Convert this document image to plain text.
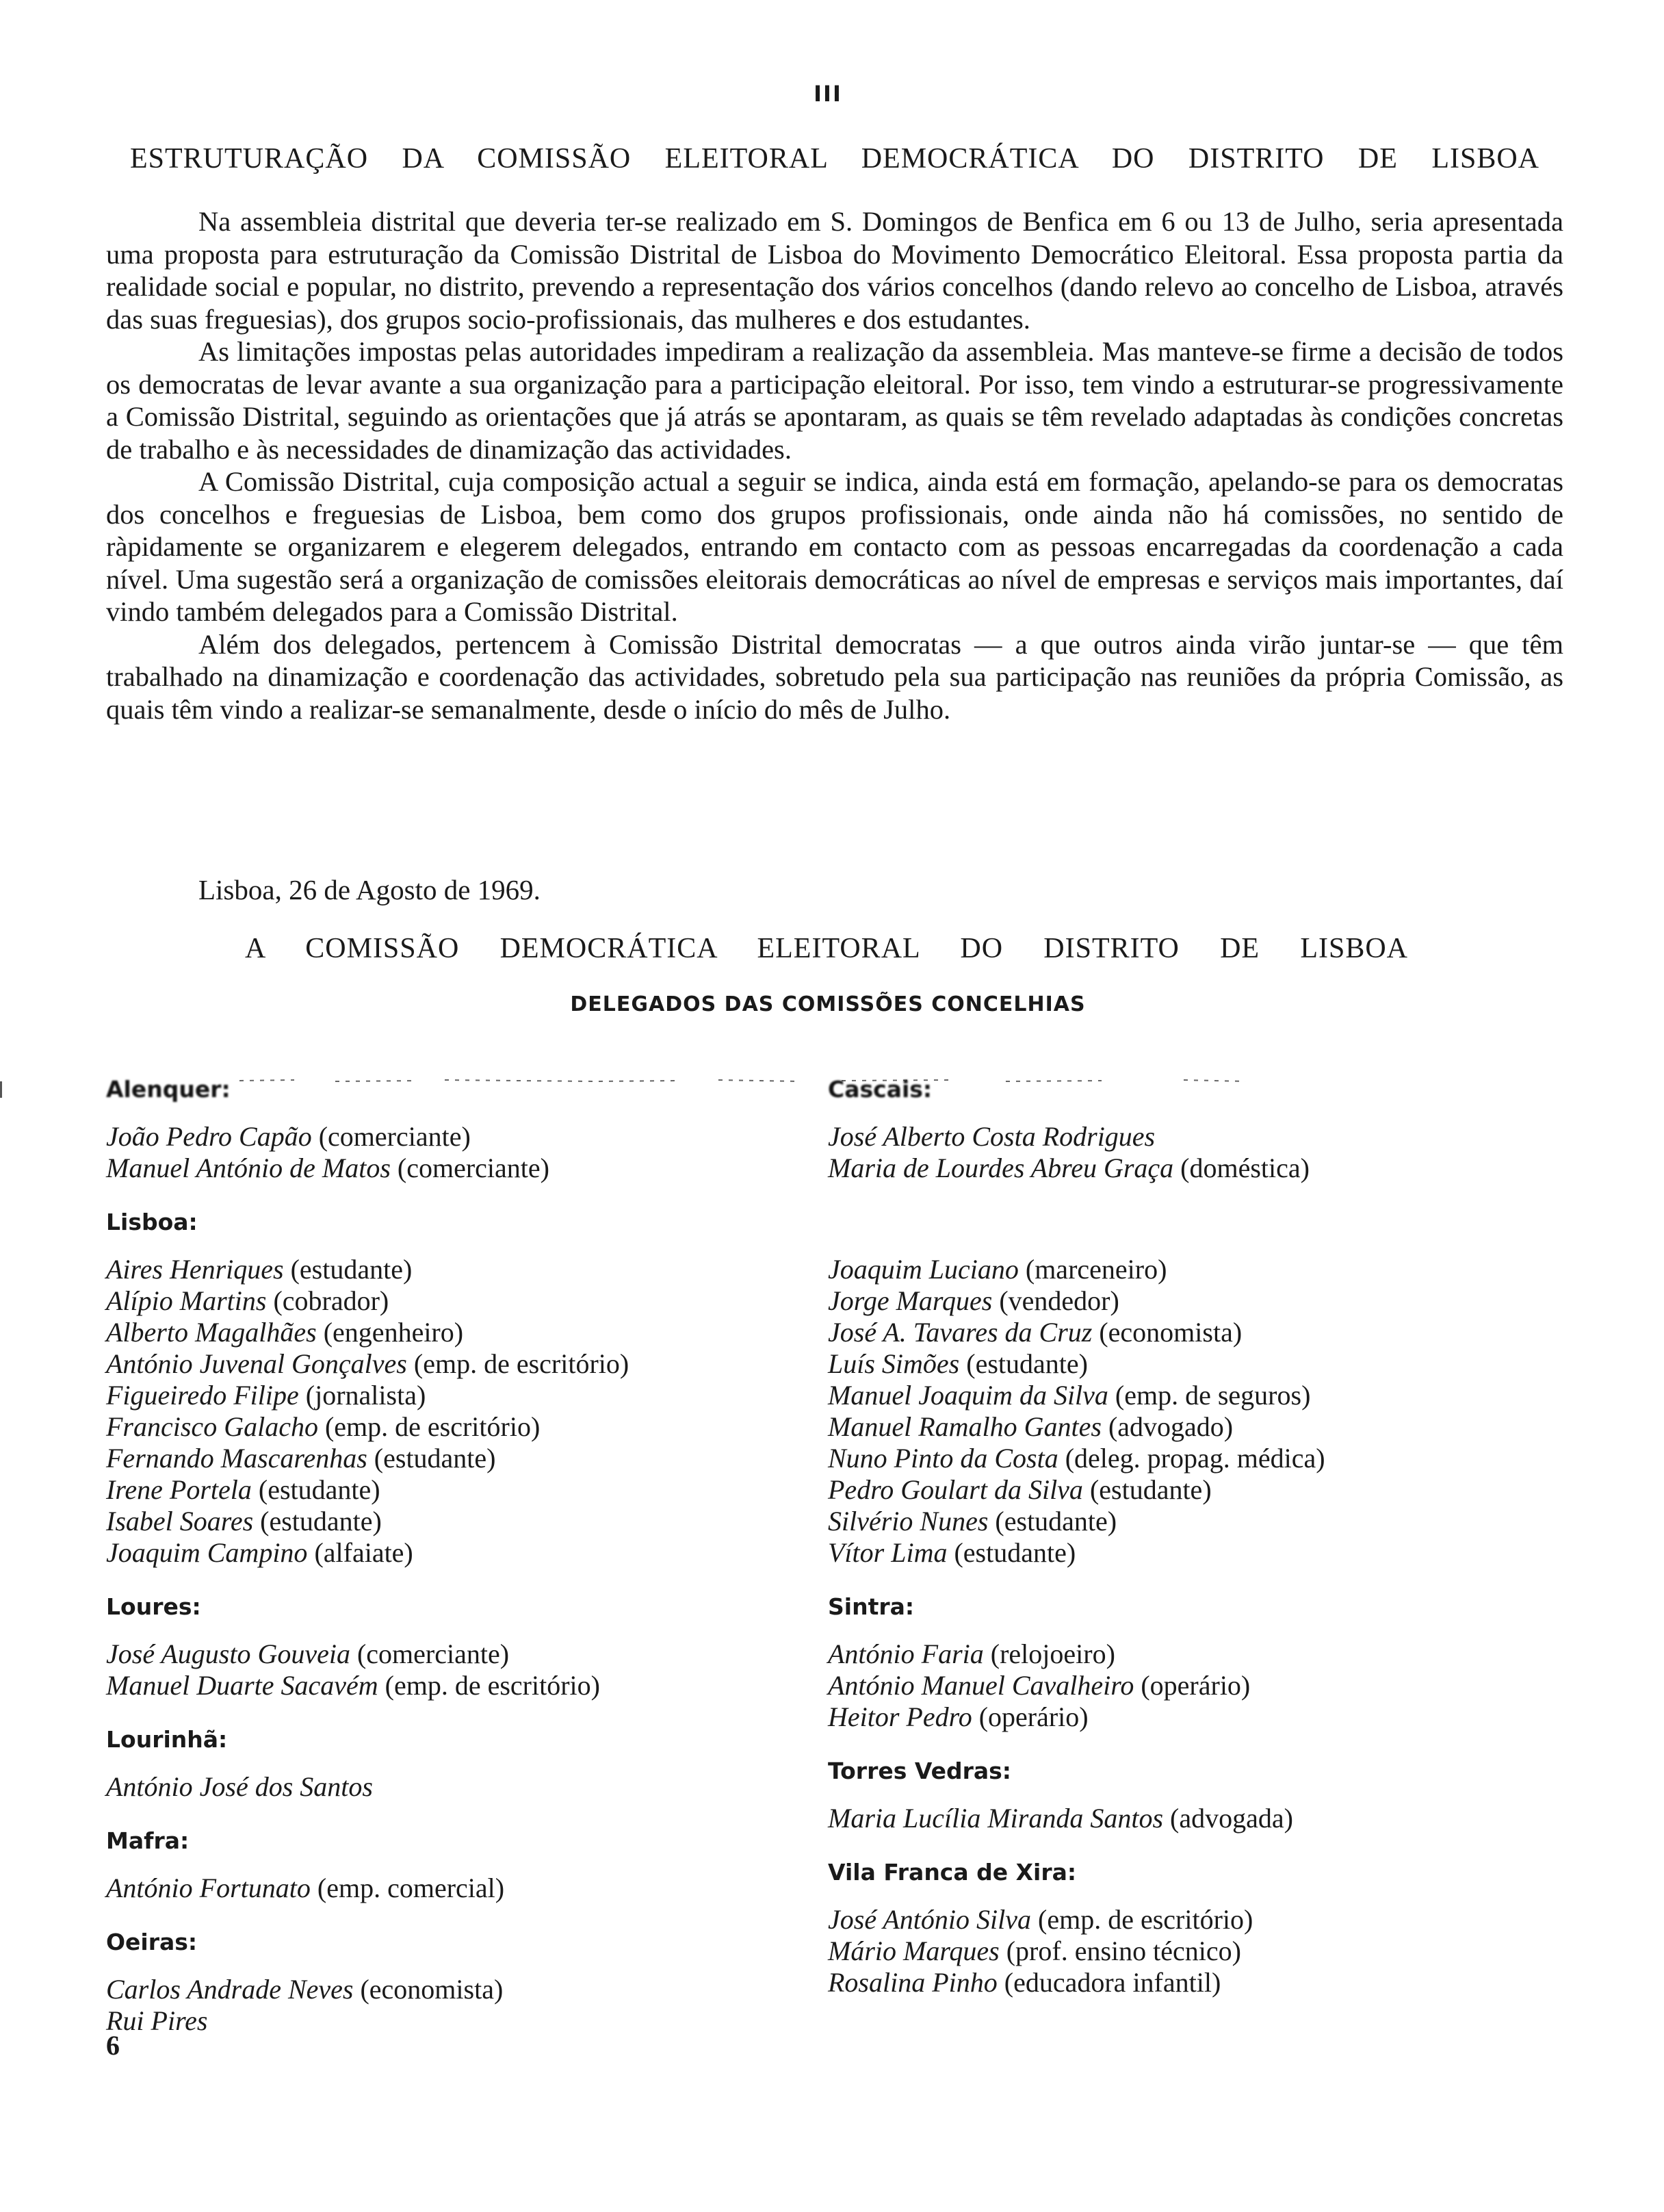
III
ESTRUTURAÇÃO DA COMISSÃO ELEITORAL DEMOCRÁTICA DO DISTRITO DE LISBOA

Na assembleia distrital que deveria ter-se realizado em S. Domingos de Benfica em 6 ou 13 de Julho, seria apresentada uma proposta para estruturação da Comissão Distrital de Lisboa do Movimento Democrático Eleitoral. Essa proposta partia da realidade social e popular, no distrito, prevendo a representação dos vários concelhos (dando relevo ao concelho de Lisboa, através das suas freguesias), dos grupos socio-profissionais, das mulheres e dos estudantes.

As limitações impostas pelas autoridades impediram a realização da assembleia. Mas manteve-se firme a decisão de todos os democratas de levar avante a sua organização para a participação eleitoral. Por isso, tem vindo a estruturar-se progressivamente a Comissão Distrital, seguindo as orientações que já atrás se apontaram, as quais se têm revelado adaptadas às condições concretas de trabalho e às necessidades de dinamização das actividades.

A Comissão Distrital, cuja composição actual a seguir se indica, ainda está em formação, apelando-se para os democratas dos concelhos e freguesias de Lisboa, bem como dos grupos profissionais, onde ainda não há comissões, no sentido de ràpidamente se organizarem e elegerem delegados, entrando em contacto com as pessoas encarregadas da coordenação a cada nível. Uma sugestão será a organização de comissões eleitorais democráticas ao nível de empresas e serviços mais importantes, daí vindo também delegados para a Comissão Distrital.

Além dos delegados, pertencem à Comissão Distrital democratas — a que outros ainda virão juntar-se — que têm trabalhado na dinamização e coordenação das actividades, sobretudo pela sua participação nas reuniões da própria Comissão, as quais têm vindo a realizar-se semanalmente, desde o início do mês de Julho.

Lisboa, 26 de Agosto de 1969.
A COMISSÃO DEMOCRÁTICA ELEITORAL DO DISTRITO DE LISBOA
DELEGADOS DAS COMISSÕES CONCELHIAS
Alenquer:
João Pedro Capão (comerciante)
Manuel António de Matos (comerciante)
Lisboa:
Aires Henriques (estudante)
Alípio Martins (cobrador)
Alberto Magalhães (engenheiro)
António Juvenal Gonçalves (emp. de escritório)
Figueiredo Filipe (jornalista)
Francisco Galacho (emp. de escritório)
Fernando Mascarenhas (estudante)
Irene Portela (estudante)
Isabel Soares (estudante)
Joaquim Campino (alfaiate)
Loures:
José Augusto Gouveia (comerciante)
Manuel Duarte Sacavém (emp. de escritório)
Lourinhã:
António José dos Santos
Mafra:
António Fortunato (emp. comercial)
Oeiras:
Carlos Andrade Neves (economista)
Rui Pires
Cascais:
José Alberto Costa Rodrigues
Maria de Lourdes Abreu Graça (doméstica)

Joaquim Luciano (marceneiro)
Jorge Marques (vendedor)
José A. Tavares da Cruz (economista)
Luís Simões (estudante)
Manuel Joaquim da Silva (emp. de seguros)
Manuel Ramalho Gantes (advogado)
Nuno Pinto da Costa (deleg. propag. médica)
Pedro Goulart da Silva (estudante)
Silvério Nunes (estudante)
Vítor Lima (estudante)
Sintra:
António Faria (relojoeiro)
António Manuel Cavalheiro (operário)
Heitor Pedro (operário)
Torres Vedras:
Maria Lucília Miranda Santos (advogada)
Vila Franca de Xira:
José António Silva (emp. de escritório)
Mário Marques (prof. ensino técnico)
Rosalina Pinho (educadora infantil)
6
